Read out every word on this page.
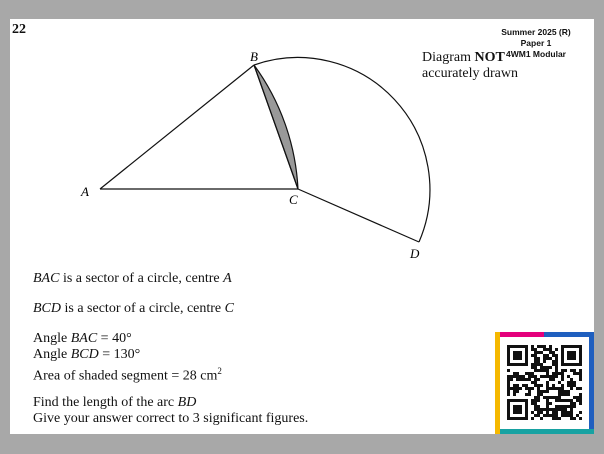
22	Summer 2025 (R)
Paper 1
4WM1 Modular
A
B
C
D
Diagram NOT
accurately drawn

BAC is a sector of a circle, centre A

BCD is a sector of a circle, centre C

Angle BAC = 40°

Angle BCD = 130°

Area of shaded segment = 28 $cm^2$

Find the length of the arc BD

Give your answer correct to 3 significant figures.
